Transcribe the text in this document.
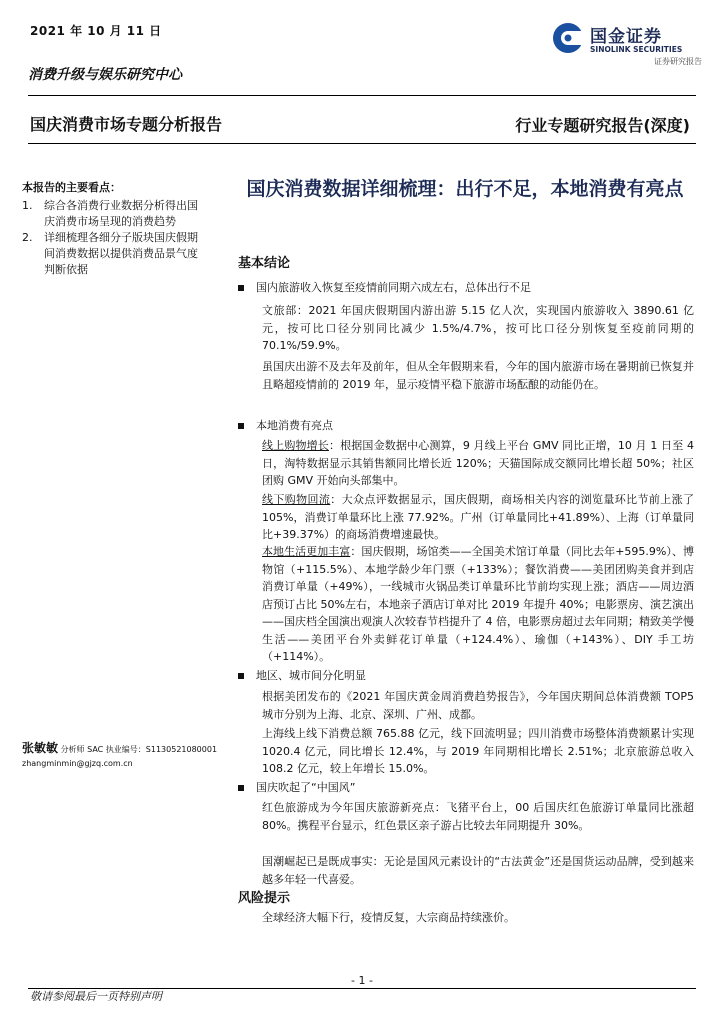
2021 年 10 月 11 日
消费升级与娱乐研究中心
国金证券
SINOLINK SECURITIES
证券研究报告
国庆消费市场专题分析报告	行业专题研究报告(深度)
本报告的主要看点：
1. 综合各消费行业数据分析得出国庆消费市场呈现的消费趋势
2. 详细梳理各细分子版块国庆假期间消费数据以提供消费品景气度判断依据
张敏敏 分析师 SAC 执业编号：S1130521080001
zhangminmin@gjzq.com.cn
国庆消费数据详细梳理：出行不足，本地消费有亮点
基本结论
国内旅游收入恢复至疫情前同期六成左右，总体出行不足
文旅部：2021 年国庆假期国内游出游 5.15 亿人次，实现国内旅游收入 3890.61 亿元，按可比口径分别同比减少 1.5%/4.7%，按可比口径分别恢复至疫前同期的 70.1%/59.9%。
虽国庆出游不及去年及前年，但从全年假期来看，今年的国内旅游市场在暑期前已恢复并且略超疫情前的 2019 年，显示疫情平稳下旅游市场酝酿的动能仍在。
本地消费有亮点
线上购物增长：根据国金数据中心测算，9 月线上平台 GMV 同比正增，10 月 1 日至 4 日，淘特数据显示其销售额同比增长近 120%；天猫国际成交额同比增长超 50%；社区团购 GMV 开始向头部集中。
线下购物回流：大众点评数据显示，国庆假期，商场相关内容的浏览量环比节前上涨了 105%，消费订单量环比上涨 77.92%。广州（订单量同比+41.89%）、上海（订单量同比+39.37%）的商场消费增速最快。
本地生活更加丰富：国庆假期，场馆类——全国美术馆订单量（同比去年+595.9%）、博物馆（+115.5%）、本地学龄少年门票（+133%）；餐饮消费——美团团购美食并到店消费订单量（+49%），一线城市火锅品类订单量环比节前均实现上涨；酒店——周边酒店预订占比 50%左右，本地亲子酒店订单对比 2019 年提升 40%；电影票房、演艺演出——国庆档全国演出观演人次较春节档提升了 4 倍，电影票房超过去年同期；精致美学慢生活——美团平台外卖鲜花订单量（+124.4%）、瑜伽（+143%）、DIY 手工坊（+114%）。
地区、城市间分化明显
根据美团发布的《2021 年国庆黄金周消费趋势报告》，今年国庆期间总体消费额 TOP5 城市分别为上海、北京、深圳、广州、成都。
上海线上线下消费总额 765.88 亿元，线下回流明显；四川消费市场整体消费额累计实现 1020.4 亿元，同比增长 12.4%，与 2019 年同期相比增长 2.51%；北京旅游总收入 108.2 亿元，较上年增长 15.0%。
国庆吹起了“中国风”
红色旅游成为今年国庆旅游新亮点：飞猪平台上，00 后国庆红色旅游订单量同比涨超 80%。携程平台显示，红色景区亲子游占比较去年同期提升 30%。
国潮崛起已是既成事实：无论是国风元素设计的“古法黄金”还是国货运动品牌，受到越来越多年轻一代喜爱。
风险提示
全球经济大幅下行，疫情反复，大宗商品持续涨价。
- 1 -
敬请参阅最后一页特别声明
